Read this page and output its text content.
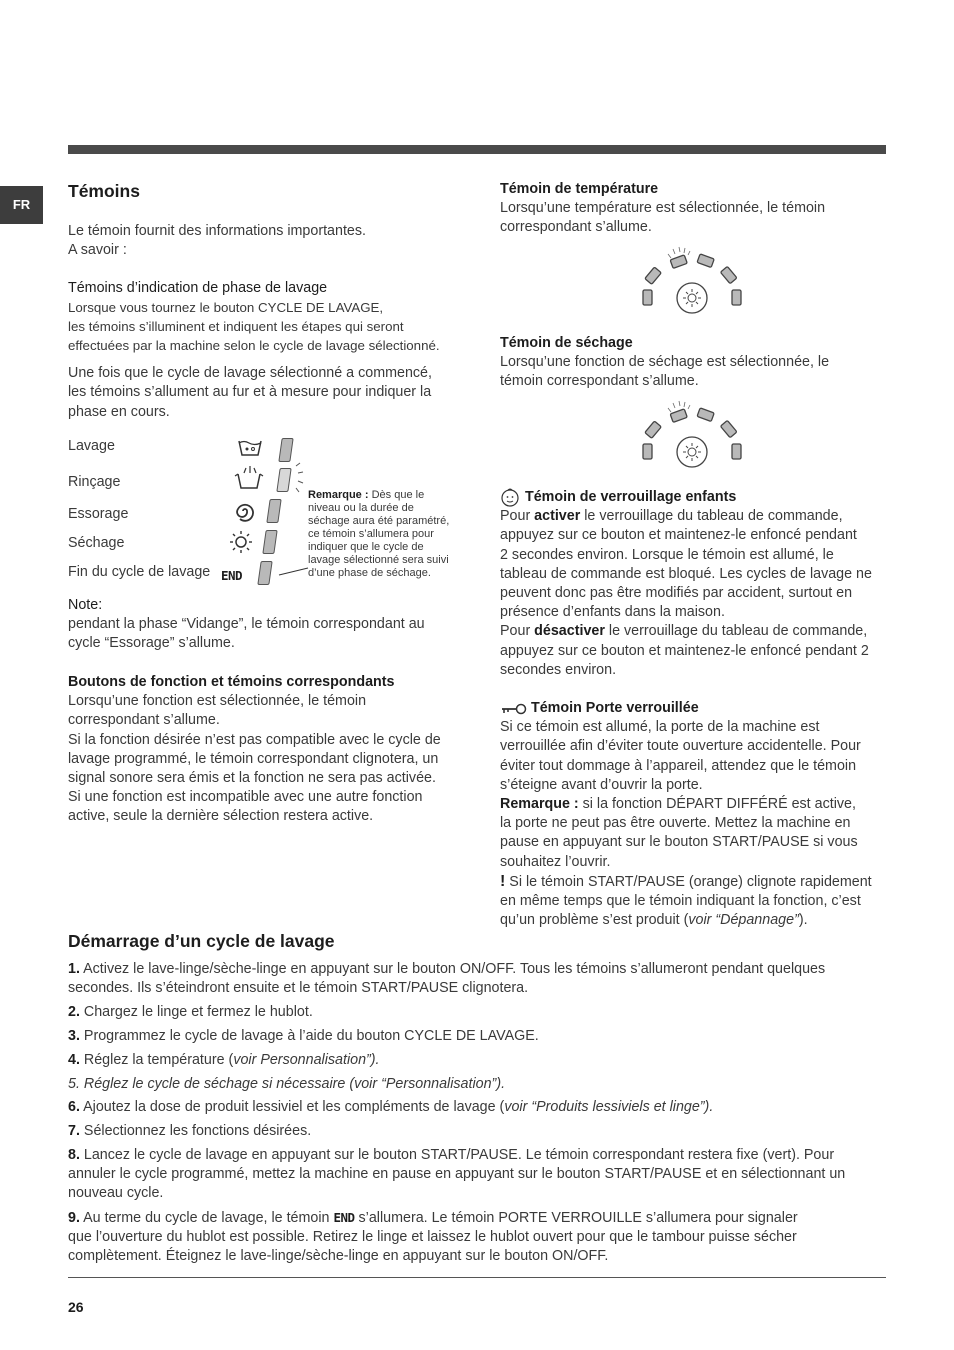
FR
Témoins

Le témoin fournit des informations importantes.

A savoir :

Témoins d’indication de phase de lavage

Lorsque vous tournez le bouton CYCLE DE LAVAGE,

les témoins s’illuminent et indiquent les étapes qui seront

effectuées par la machine selon le cycle de lavage sélectionné.

Une fois que le cycle de lavage sélectionné a commencé,

les témoins s’allument au fur et à mesure pour indiquer la

phase en cours.

Lavage
Rinçage
Essorage
Séchage
Fin du cycle de lavage END
Remarque : Dès que le
niveau ou la durée de
séchage aura été paramétré,
ce témoin s’allumera pour
indiquer que le cycle de
lavage sélectionné sera suivi
d’une phase de séchage.

Note:

pendant la phase “Vidange”, le témoin correspondant au

cycle “Essorage” s’allume.

Boutons de fonction et témoins correspondants

Lorsqu’une fonction est sélectionnée, le témoin

correspondant s’allume.

Si la fonction désirée n’est pas compatible avec le cycle de

lavage programmé, le témoin correspondant clignotera, un

signal sonore sera émis et la fonction ne sera pas activée.

Si une fonction est incompatible avec une autre fonction

active, seule la dernière sélection restera active.

Témoin de température

Lorsqu’une température est sélectionnée, le témoin

correspondant s’allume.

Témoin de séchage

Lorsqu’une fonction de séchage est sélectionnée, le

témoin correspondant s’allume.

Témoin de verrouillage enfants

Pour activer le verrouillage du tableau de commande,

appuyez sur ce bouton et maintenez-le enfoncé pendant

2 secondes environ. Lorsque le témoin est allumé, le

tableau de commande est bloqué. Les cycles de lavage ne

peuvent donc pas être modifiés par accident, surtout en

présence d’enfants dans la maison.

Pour désactiver le verrouillage du tableau de commande,

appuyez sur ce bouton et maintenez-le enfoncé pendant 2

secondes environ.

Témoin Porte verrouillée

Si ce témoin est allumé, la porte de la machine est

verrouillée afin d’éviter toute ouverture accidentelle. Pour

éviter tout dommage à l’appareil, attendez que le témoin

s’éteigne avant d’ouvrir la porte.

Remarque : si la fonction DÉPART DIFFÉRÉ est active,

la porte ne peut pas être ouverte. Mettez la machine en

pause en appuyant sur le bouton START/PAUSE si vous

souhaitez l’ouvrir.

! Si le témoin START/PAUSE (orange) clignote rapidement

en même temps que le témoin indiquant la fonction, c’est

qu’un problème s’est produit (voir “Dépannage”).

Démarrage d’un cycle de lavage

1. Activez le lave-linge/sèche-linge en appuyant sur le bouton ON/OFF. Tous les témoins s’allumeront pendant quelques

secondes. Ils s’éteindront ensuite et le témoin START/PAUSE clignotera.

2. Chargez le linge et fermez le hublot.

3. Programmez le cycle de lavage à l’aide du bouton CYCLE DE LAVAGE.

4. Réglez la température (voir Personnalisation”).

5. Réglez le cycle de séchage si nécessaire (voir “Personnalisation”).

6. Ajoutez la dose de produit lessiviel et les compléments de lavage (voir “Produits lessiviels et linge”).

7. Sélectionnez les fonctions désirées.

8. Lancez le cycle de lavage en appuyant sur le bouton START/PAUSE. Le témoin correspondant restera fixe (vert). Pour

annuler le cycle programmé, mettez la machine en pause en appuyant sur le bouton START/PAUSE et en sélectionnant un

nouveau cycle.

9. Au terme du cycle de lavage, le témoin END s’allumera. Le témoin PORTE VERROUILLE s’allumera pour signaler

que l’ouverture du hublot est possible. Retirez le linge et laissez le hublot ouvert pour que le tambour puisse sécher

complètement. Éteignez le lave-linge/sèche-linge en appuyant sur le bouton ON/OFF.

26
